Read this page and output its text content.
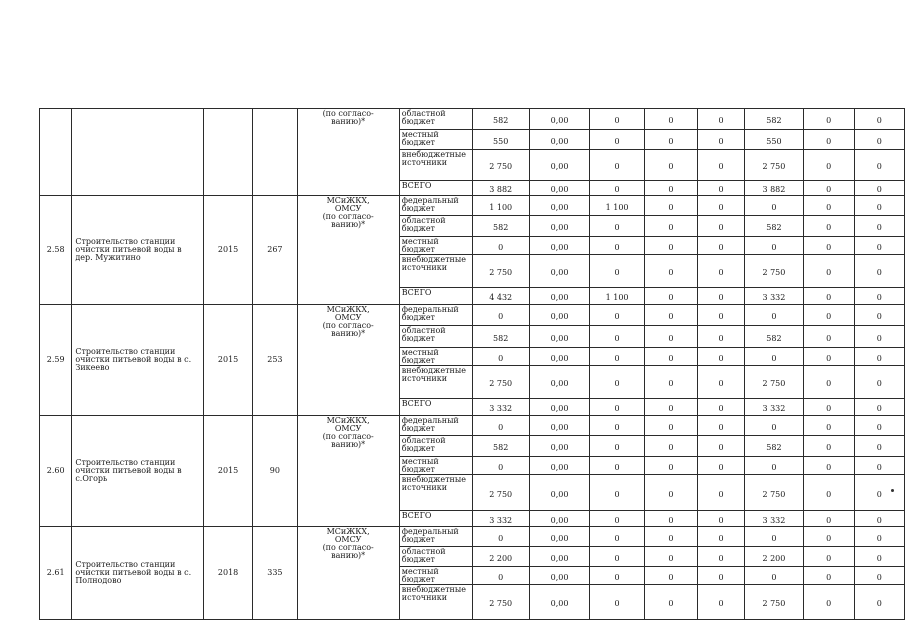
				(по согласо-
ванию)*	областной бюджет	582	0,00	0	0	0	582	0	0
					местный бюджет	550	0,00	0	0	0	550	0	0
					внебюджетные источники	2 750	0,00	0	0	0	2 750	0	0
					ВСЕГО	3 882	0,00	0	0	0	3 882	0	0
2.58	Строительство станции очистки питьевой воды в дер. Мужитино	2015	267	МСиЖКХ,
ОМСУ
(по согласо-
ванию)*	федеральный бюджет	1 100	0,00	1 100	0	0	0	0	0
					областной бюджет	582	0,00	0	0	0	582	0	0
					местный бюджет	0	0,00	0	0	0	0	0	0
					внебюджетные источники	2 750	0,00	0	0	0	2 750	0	0
					ВСЕГО	4 432	0,00	1 100	0	0	3 332	0	0
2.59	Строительство станции очистки питьевой воды в с. Зикеево	2015	253	МСиЖКХ,
ОМСУ
(по согласо-
ванию)*	федеральный бюджет	0	0,00	0	0	0	0	0	0
					областной бюджет	582	0,00	0	0	0	582	0	0
					местный бюджет	0	0,00	0	0	0	0	0	0
					внебюджетные источники	2 750	0,00	0	0	0	2 750	0	0
					ВСЕГО	3 332	0,00	0	0	0	3 332	0	0
2.60	Строительство станции очистки питьевой воды в с.Огорь	2015	90	МСиЖКХ,
ОМСУ
(по согласо-
ванию)*	федеральный бюджет	0	0,00	0	0	0	0	0	0
					областной бюджет	582	0,00	0	0	0	582	0	0
					местный бюджет	0	0,00	0	0	0	0	0	0
					внебюджетные источники	2 750	0,00	0	0	0	2 750	0	0
					ВСЕГО	3 332	0,00	0	0	0	3 332	0	0
2.61	Строительство станции очистки питьевой воды в с. Полнодово	2018	335	МСиЖКХ,
ОМСУ
(по согласо-
ванию)*	федеральный бюджет	0	0,00	0	0	0	0	0	0
					областной бюджет	2 200	0,00	0	0	0	2 200	0	0
					местный бюджет	0	0,00	0	0	0	0	0	0
					внебюджетные источники	2 750	0,00	0	0	0	2 750	0	0
